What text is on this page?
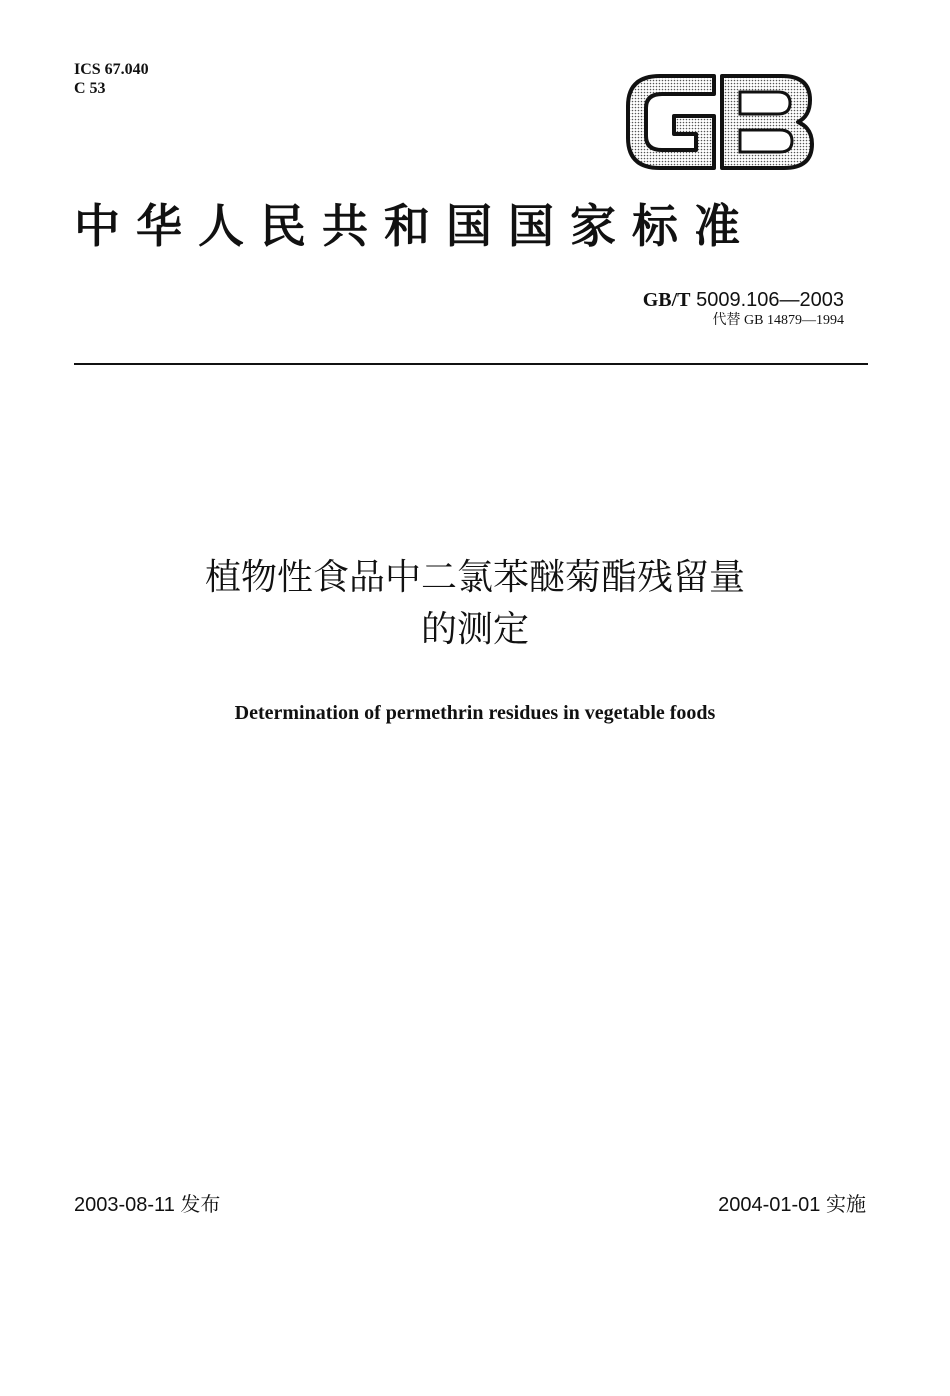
ICS 67.040
C 53
中华人民共和国国家标准
GB/T 5009.106—2003
代替 GB 14879—1994
植物性食品中二氯苯醚菊酯残留量
的测定
Determination of permethrin residues in vegetable foods
2003-08-11 发布	2004-01-01 实施
